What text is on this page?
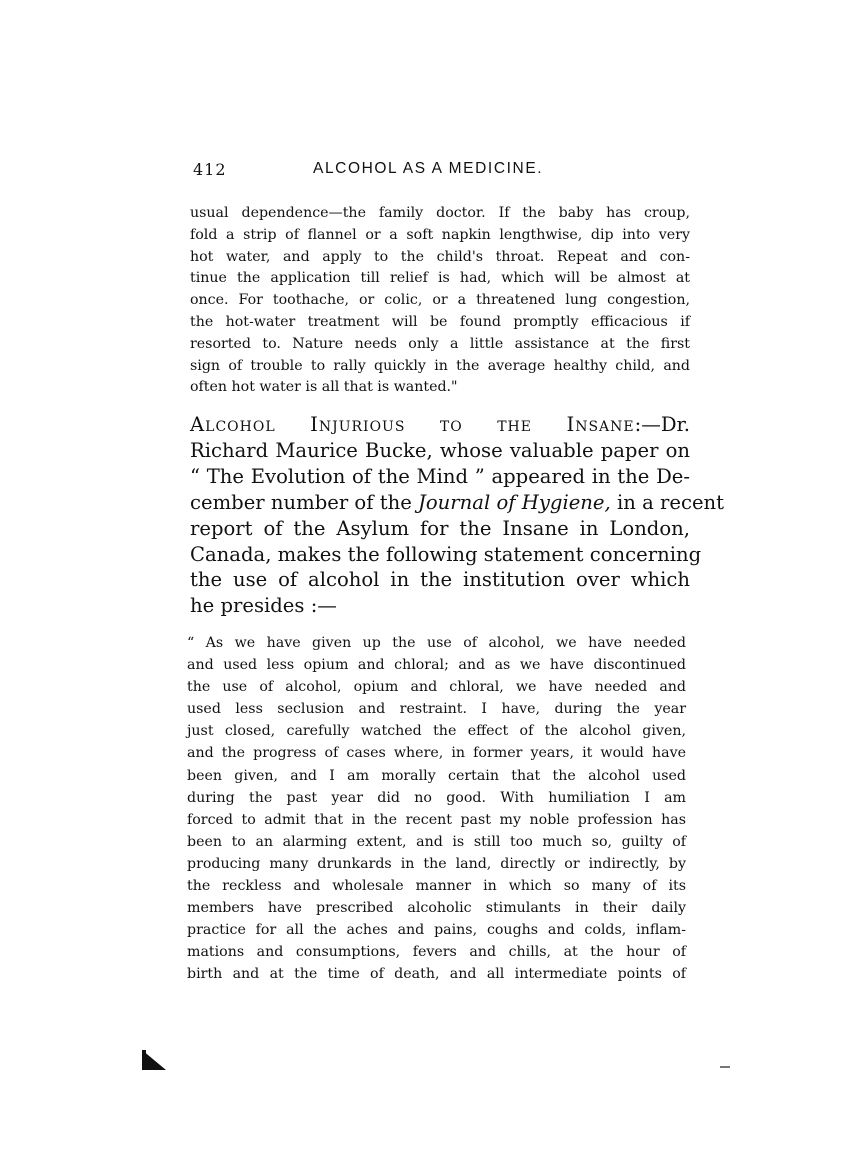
412	ALCOHOL AS A MEDICINE.
usual dependence—the family doctor. If the baby has croup,
fold a strip of flannel or a soft napkin lengthwise, dip into very
hot water, and apply to the child's throat. Repeat and con-
tinue the application till relief is had, which will be almost at
once. For toothache, or colic, or a threatened lung congestion,
the hot-water treatment will be found promptly efficacious if
resorted to. Nature needs only a little assistance at the first
sign of trouble to rally quickly in the average healthy child, and
often hot water is all that is wanted."
Alcohol Injurious to the Insane:—Dr.
Richard Maurice Bucke, whose valuable paper on
“ The Evolution of the Mind ” appeared in the De-
cember number of the Journal of Hygiene, in a recent
report of the Asylum for the Insane in London,
Canada, makes the following statement concerning
the use of alcohol in the institution over which
he presides :—
“ As we have given up the use of alcohol, we have needed
and used less opium and chloral; and as we have discontinued
the use of alcohol, opium and chloral, we have needed and
used less seclusion and restraint. I have, during the year
just closed, carefully watched the effect of the alcohol given,
and the progress of cases where, in former years, it would have
been given, and I am morally certain that the alcohol used
during the past year did no good. With humiliation I am
forced to admit that in the recent past my noble profession has
been to an alarming extent, and is still too much so, guilty of
producing many drunkards in the land, directly or indirectly, by
the reckless and wholesale manner in which so many of its
members have prescribed alcoholic stimulants in their daily
practice for all the aches and pains, coughs and colds, inflam-
mations and consumptions, fevers and chills, at the hour of
birth and at the time of death, and all intermediate points of
